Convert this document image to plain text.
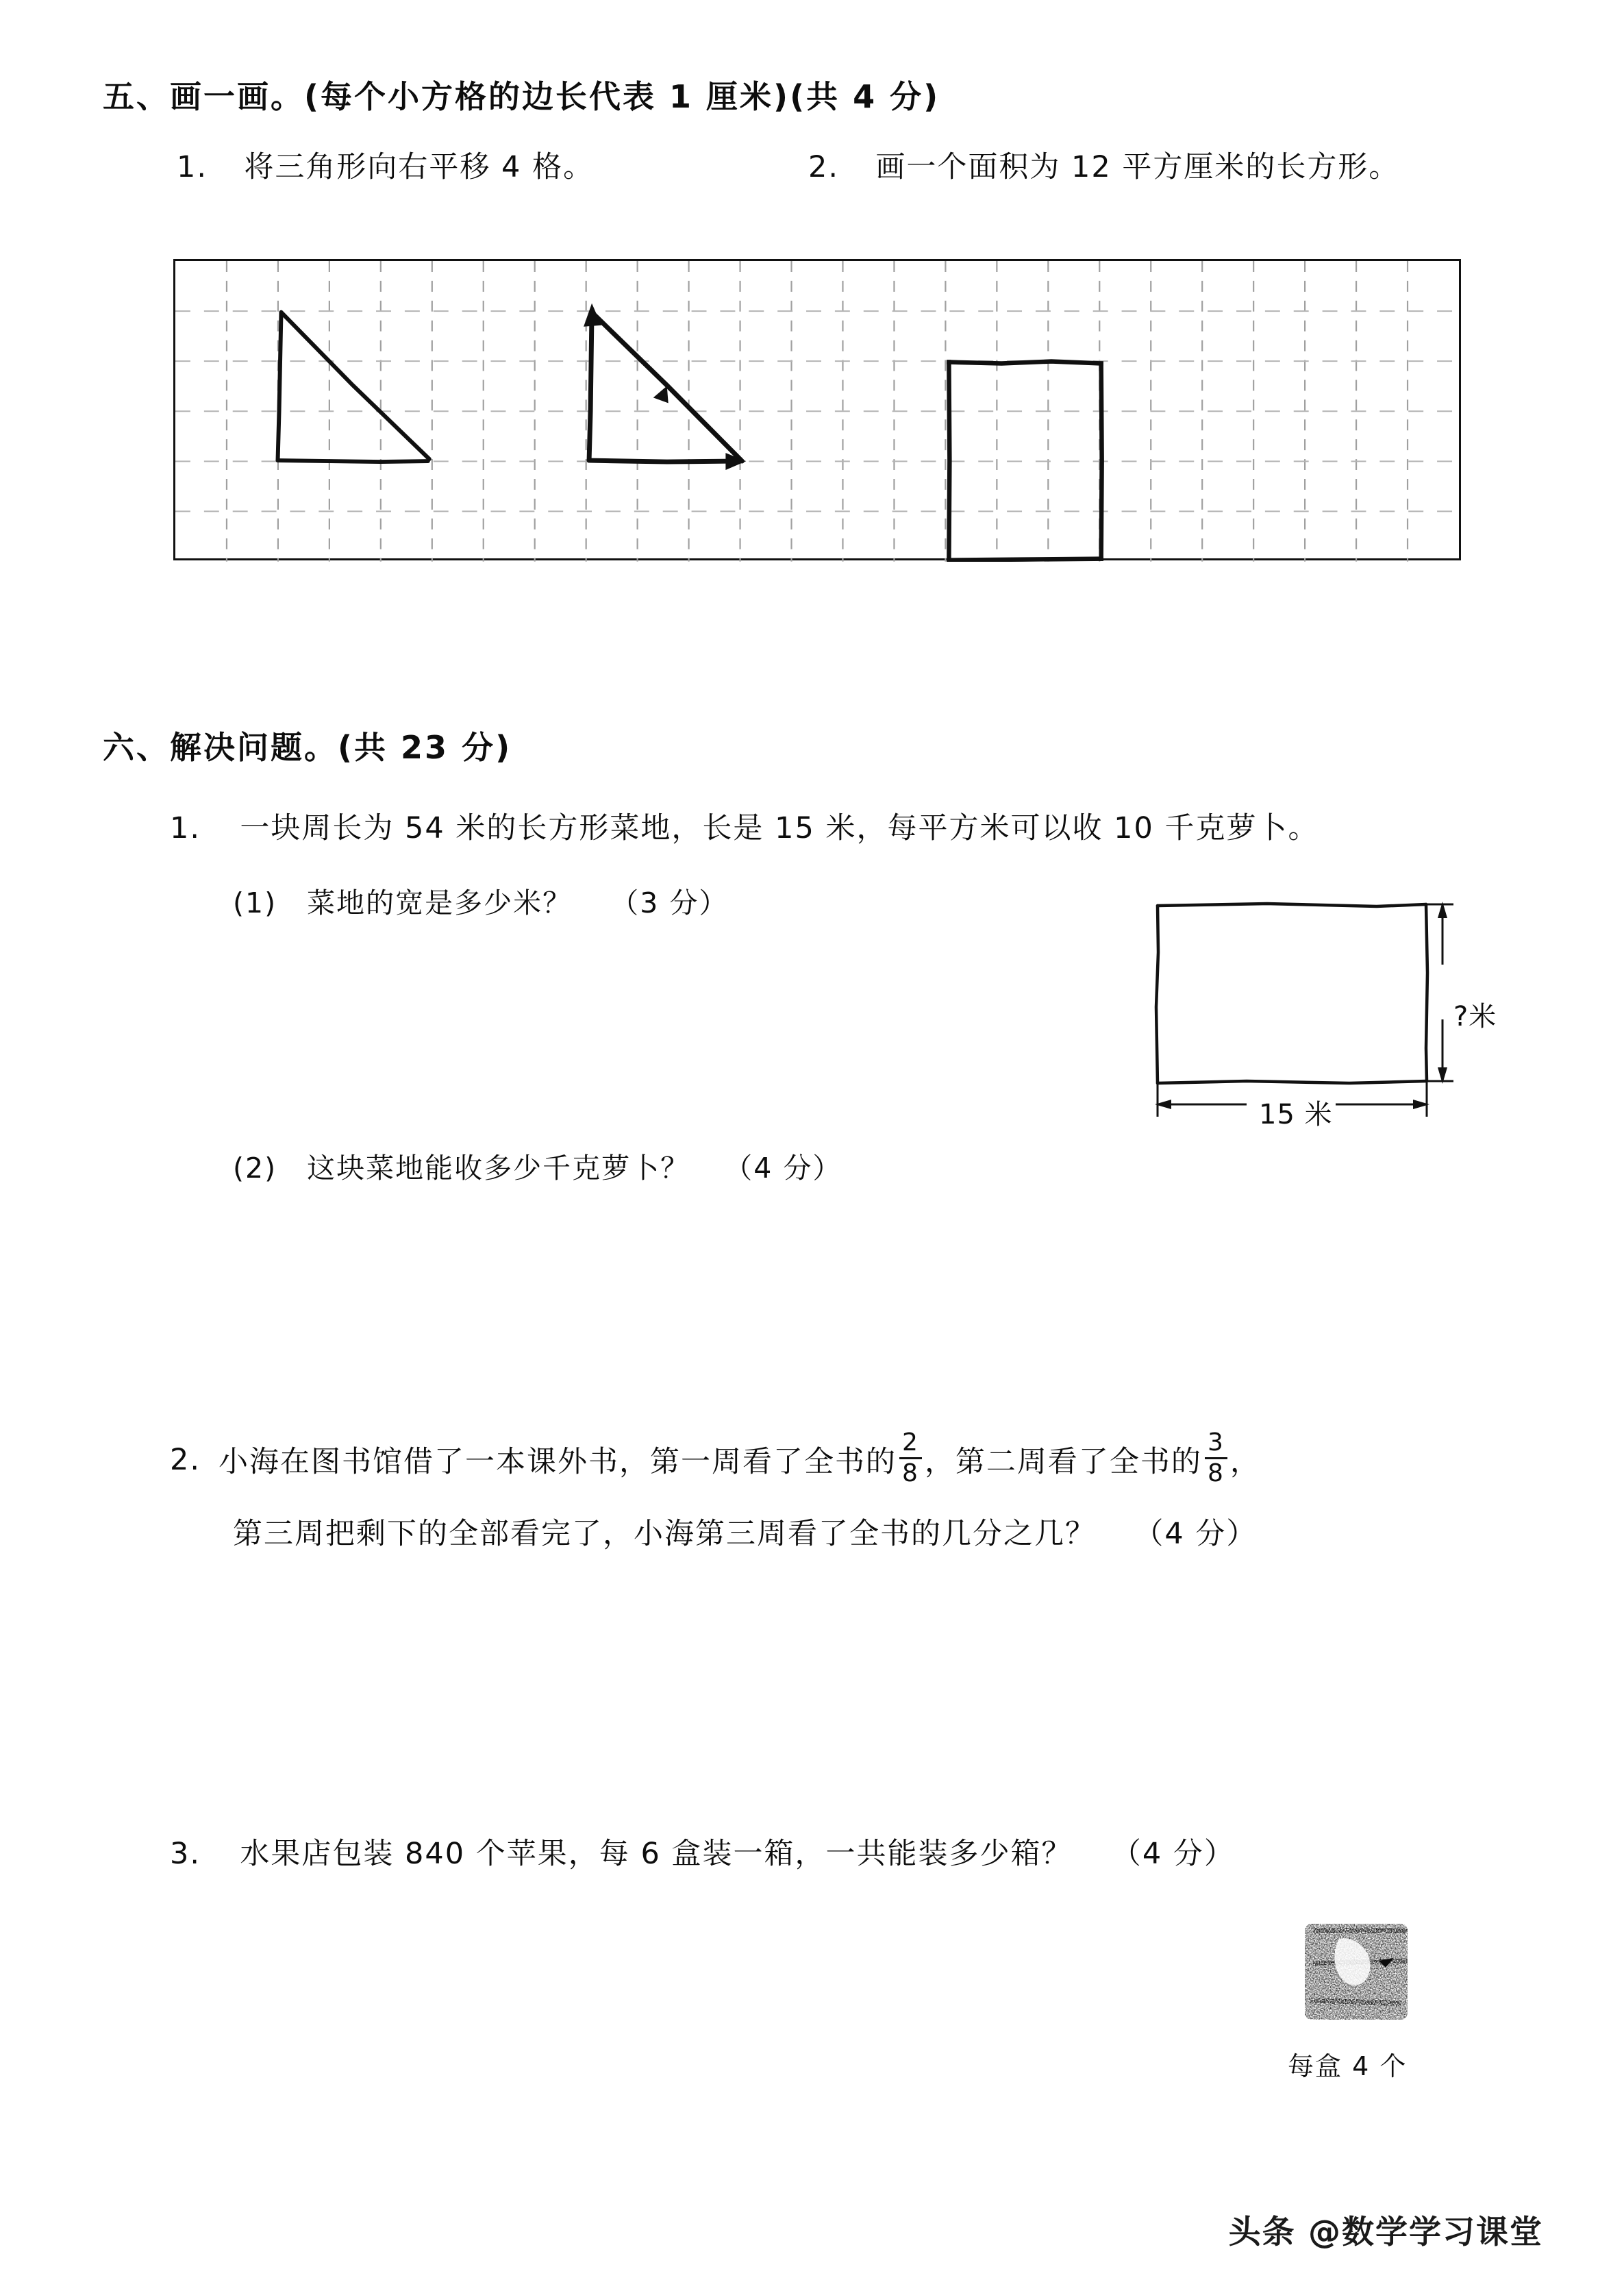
五、画一画。(每个小方格的边长代表 1 厘米)(共 4 分)
1. 将三角形向右平移 4 格。	2. 画一个面积为 12 平方厘米的长方形。
六、解决问题。(共 23 分)
1. 一块周长为 54 米的长方形菜地，长是 15 米，每平方米可以收 10 千克萝卜。
(1) 菜地的宽是多少米？ （3 分）
?米
15 米
(2) 这块菜地能收多少千克萝卜？ （4 分）
2. 小海在图书馆借了一本课外书，第一周看了全书的 $\frac{2}{8}$ ，第二周看了全书的 $\frac{3}{8}$ ，
第三周把剩下的全部看完了，小海第三周看了全书的几分之几？ （4 分）
3. 水果店包装 840 个苹果，每 6 盒装一箱，一共能装多少箱？ （4 分）
每盒 4 个
头条 @数学学习课堂
